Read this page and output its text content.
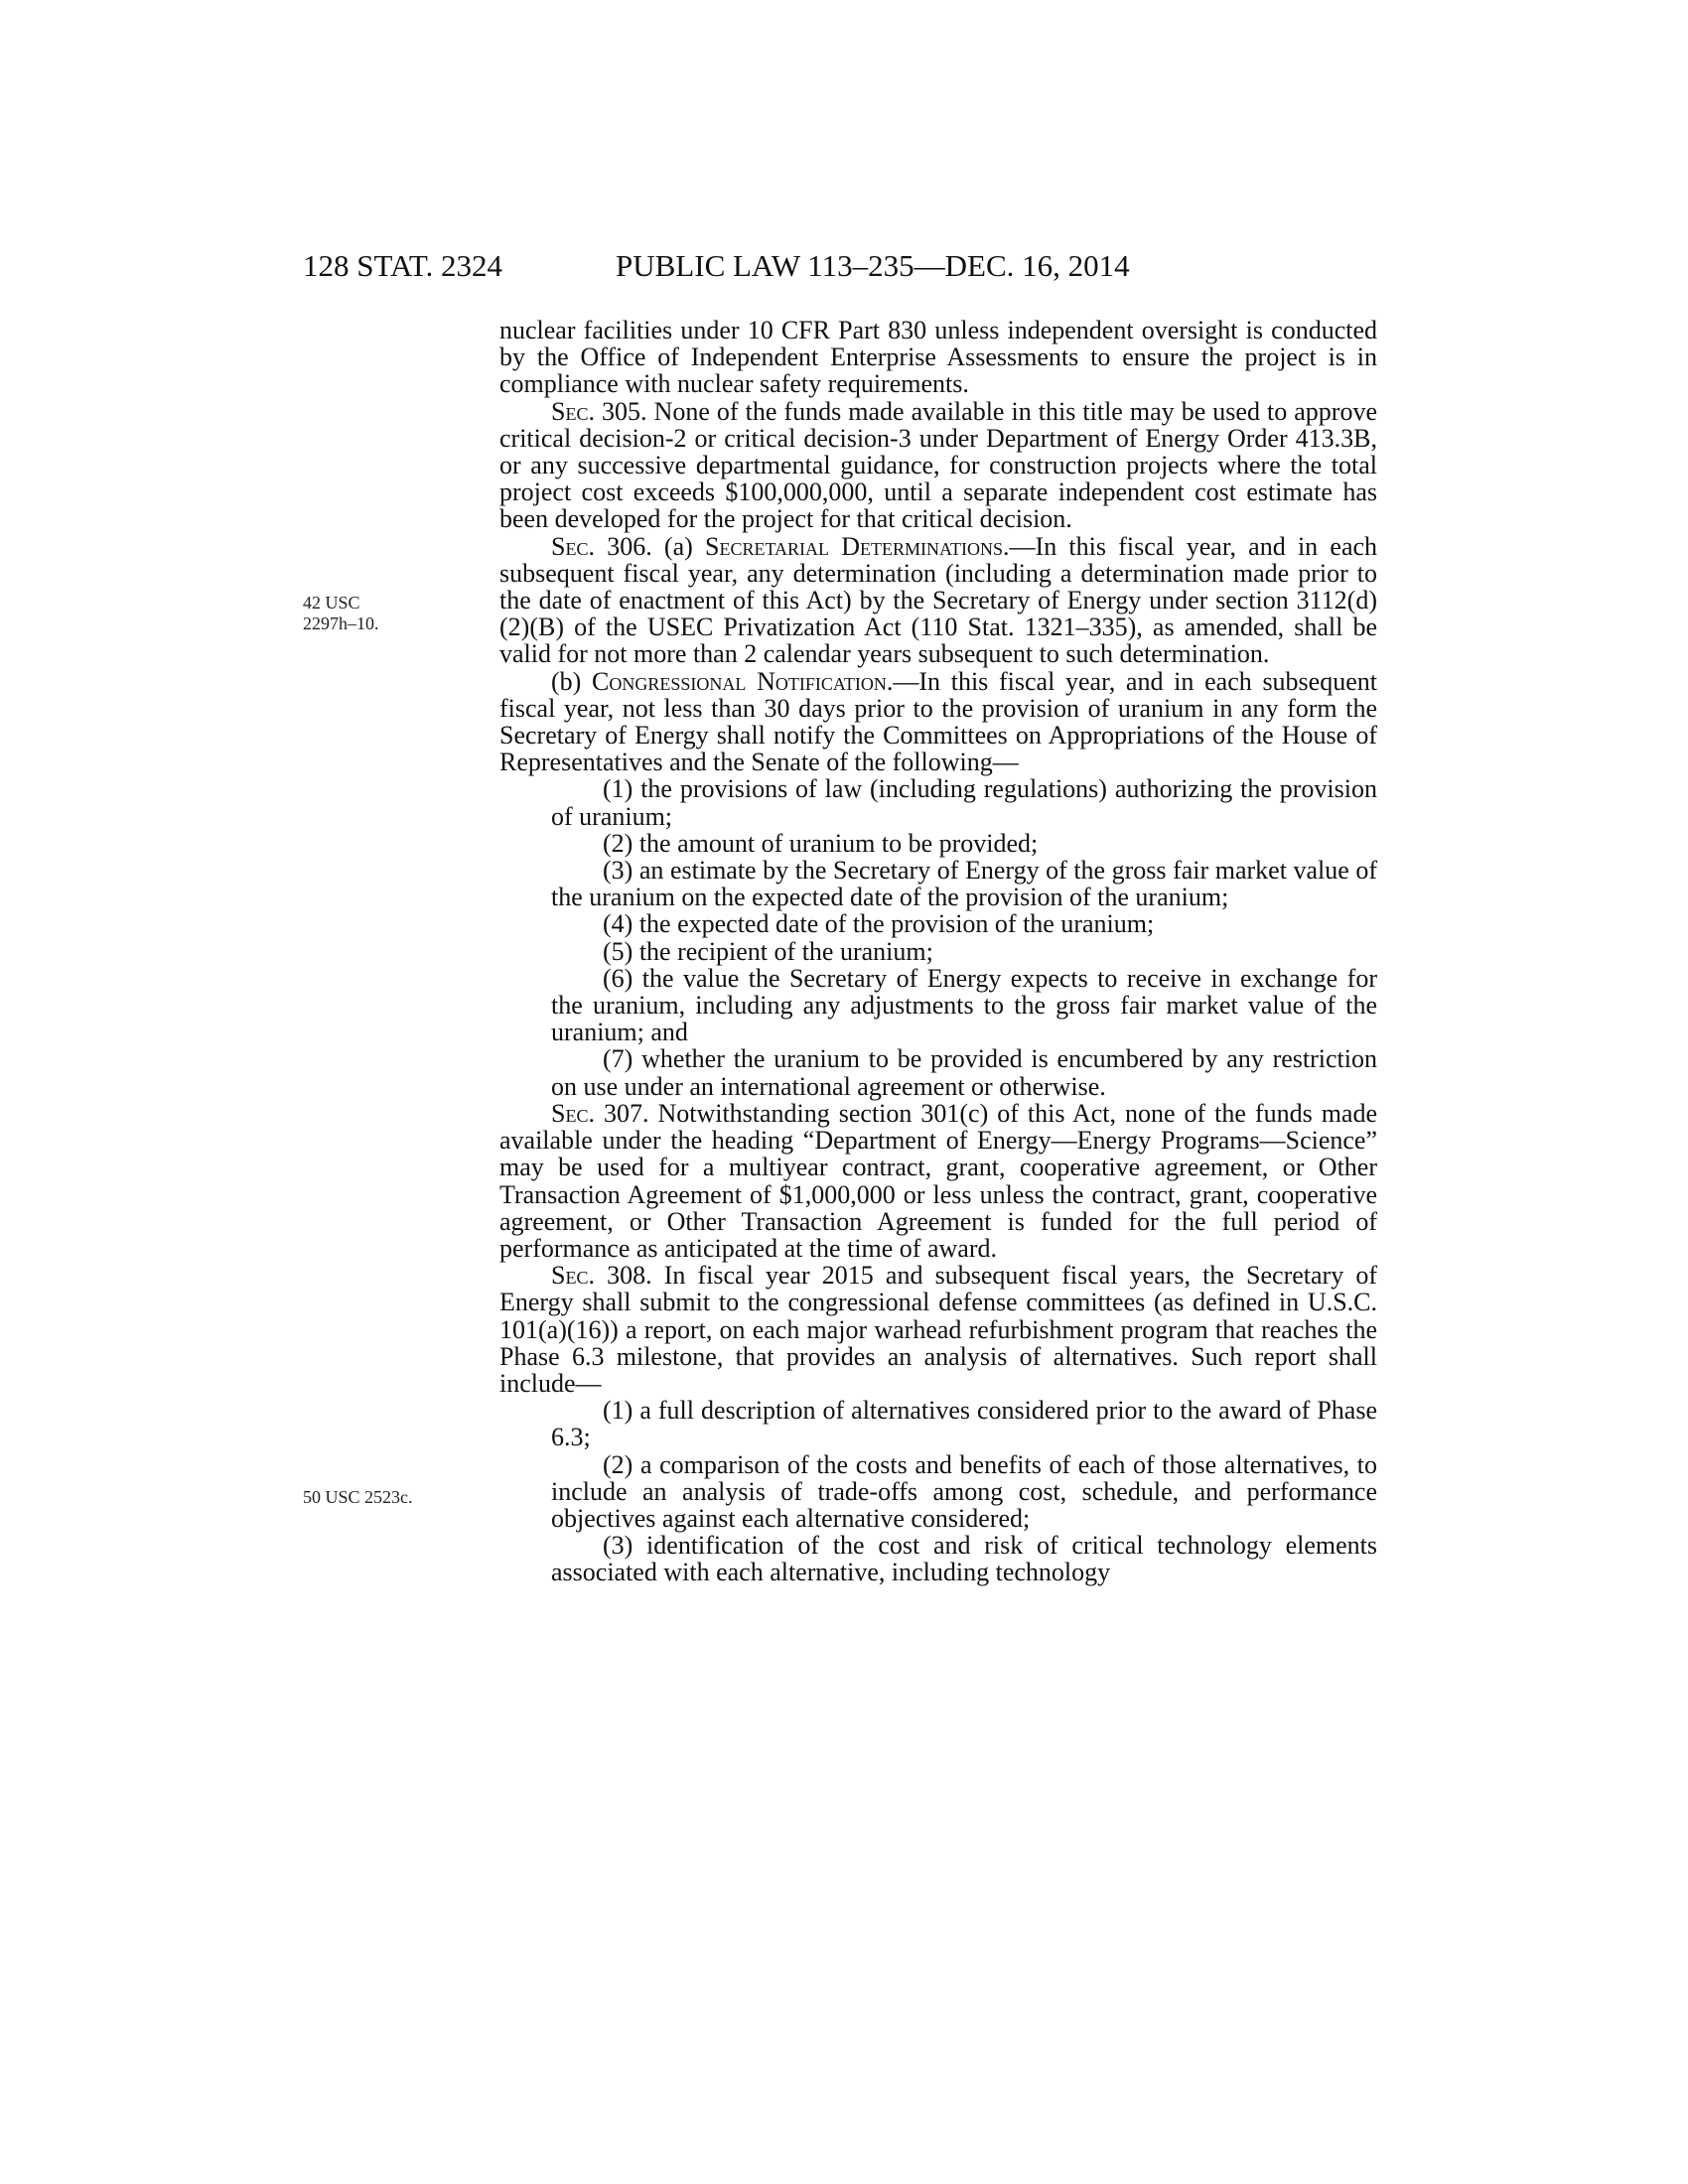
128 STAT. 2324	PUBLIC LAW 113–235—DEC. 16, 2014
42 USC
2297h–10.
50 USC 2523c.

nuclear facilities under 10 CFR Part 830 unless independent oversight is conducted by the Office of Independent Enterprise Assessments to ensure the project is in compliance with nuclear safety requirements.

Sec. 305. None of the funds made available in this title may be used to approve critical decision-2 or critical decision-3 under Department of Energy Order 413.3B, or any successive departmental guidance, for construction projects where the total project cost exceeds $100,000,000, until a separate independent cost estimate has been developed for the project for that critical decision.

Sec. 306. (a) Secretarial Determinations.—In this fiscal year, and in each subsequent fiscal year, any determination (including a determination made prior to the date of enactment of this Act) by the Secretary of Energy under section 3112(d)(2)(B) of the USEC Privatization Act (110 Stat. 1321–335), as amended, shall be valid for not more than 2 calendar years subsequent to such determination.

(b) Congressional Notification.—In this fiscal year, and in each subsequent fiscal year, not less than 30 days prior to the provision of uranium in any form the Secretary of Energy shall notify the Committees on Appropriations of the House of Representatives and the Senate of the following—

(1) the provisions of law (including regulations) authorizing the provision of uranium;

(2) the amount of uranium to be provided;

(3) an estimate by the Secretary of Energy of the gross fair market value of the uranium on the expected date of the provision of the uranium;

(4) the expected date of the provision of the uranium;

(5) the recipient of the uranium;

(6) the value the Secretary of Energy expects to receive in exchange for the uranium, including any adjustments to the gross fair market value of the uranium; and

(7) whether the uranium to be provided is encumbered by any restriction on use under an international agreement or otherwise.

Sec. 307. Notwithstanding section 301(c) of this Act, none of the funds made available under the heading “Department of Energy—Energy Programs—Science” may be used for a multiyear contract, grant, cooperative agreement, or Other Transaction Agreement of $1,000,000 or less unless the contract, grant, cooperative agreement, or Other Transaction Agreement is funded for the full period of performance as anticipated at the time of award.

Sec. 308. In fiscal year 2015 and subsequent fiscal years, the Secretary of Energy shall submit to the congressional defense committees (as defined in U.S.C. 101(a)(16)) a report, on each major warhead refurbishment program that reaches the Phase 6.3 milestone, that provides an analysis of alternatives. Such report shall include—

(1) a full description of alternatives considered prior to the award of Phase 6.3;

(2) a comparison of the costs and benefits of each of those alternatives, to include an analysis of trade-offs among cost, schedule, and performance objectives against each alternative considered;

(3) identification of the cost and risk of critical technology elements associated with each alternative, including technology
